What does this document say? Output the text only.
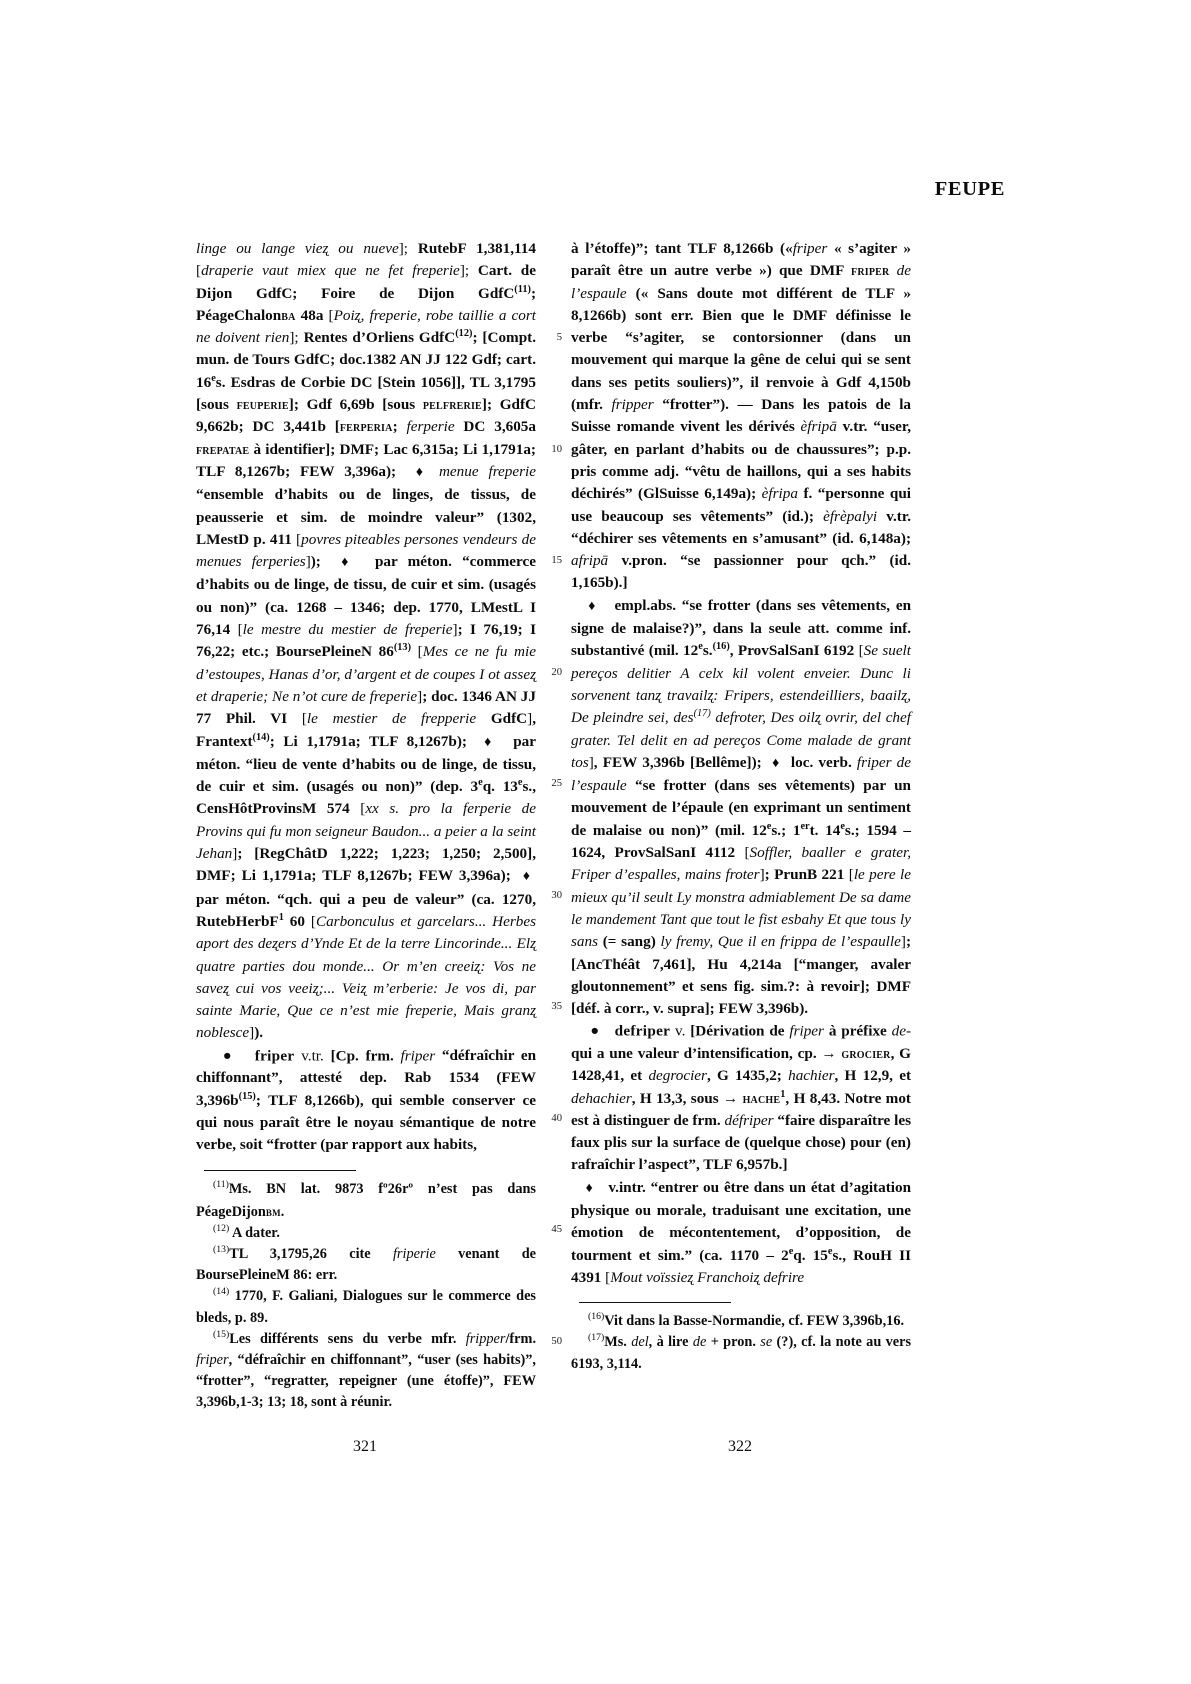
FEUPE
5
10
15
20
25
30
35
40
45
50

linge ou lange vieʐ ou nueve]; RutebF 1,381,114 [draperie vaut miex que ne fet freperie]; Cart. de Dijon GdfC; Foire de Dijon GdfC$^{(11)}$; PéageChalonba 48a [Poiʐ, freperie, robe taillie a cort ne doivent rien]; Rentes d’Orliens GdfC$^{(12)}$; [Compt. mun. de Tours GdfC; doc.1382 AN JJ 122 Gdf; cart. 16es. Esdras de Corbie DC [Stein 1056]], TL 3,1795 [sous feuperie]; Gdf 6,69b [sous pelfrerie]; GdfC 9,662b; DC 3,441b [ferperia; ferperie DC 3,605a frepatae à identifier]; DMF; Lac 6,315a; Li 1,1791a; TLF 8,1267b; FEW 3,396a); ♦ menue freperie “ensemble d’habits ou de linges, de tissus, de peausserie et sim. de moindre valeur” (1302, LMestD p. 411 [povres piteables persones vendeurs de menues ferperies]); ♦ par méton. “commerce d’habits ou de linge, de tissu, de cuir et sim. (usagés ou non)” (ca. 1268 – 1346; dep. 1770, LMestL I 76,14 [le mestre du mestier de freperie]; I 76,19; I 76,22; etc.; BoursePleineN 86$^{(13)}$ [Mes ce ne fu mie d’estoupes, Hanas d’or, d’argent et de coupes I ot asseʐ et draperie; Ne n’ot cure de freperie]; doc. 1346 AN JJ 77 Phil. VI [le mestier de frepperie GdfC], Frantext$^{(14)}$; Li 1,1791a; TLF 8,1267b); ♦ par méton. “lieu de vente d’habits ou de linge, de tissu, de cuir et sim. (usagés ou non)” (dep. 3eq. 13es., CensHôtProvinsM 574 [xx s. pro la ferperie de Provins qui fu mon seigneur Baudon... a peier a la seint Jehan]; [RegChâtD 1,222; 1,223; 1,250; 2,500], DMF; Li 1,1791a; TLF 8,1267b; FEW 3,396a); ♦  par méton. “qch. qui a peu de valeur” (ca. 1270, RutebHerbF$^1$ 60 [Carbonculus et garcelars... Herbes aport des deʐers d’Ynde Et de la terre Lincorinde... Elʐ quatre parties dou monde... Or m’en creeiʐ: Vos ne saveʐ cui vos veeiʐ;... Veiʐ m’erberie: Je vos di, par sainte Marie, Que ce n’est mie freperie, Mais granʐ noblesce]).

● friper v.tr. [Cp. frm. friper “défraîchir en chiffonnant”, attesté dep. Rab 1534 (FEW $3,396b^{(15)}$; TLF 8,1266b), qui semble conserver ce qui nous paraît être le noyau sémantique de notre verbe, soit “frotter (par rapport aux habits,

$^{(11)}$Ms. BN lat. 9873 fº26rº n’est pas dans PéageDijonbm.

$^{(12)}$ A dater.

$^{(13)}$TL 3,1795,26 cite friperie venant de BoursePleineM 86: err.

$^{(14)}$ 1770, F. Galiani, Dialogues sur le commerce des bleds, p. 89.

$^{(15)}$Les différents sens du verbe mfr. fripper/frm. friper, “défraîchir en chiffonnant”, “user (ses habits)”, “frotter”, “regratter, repeigner (une étoffe)”, FEW 3,396b,1-3; 13; 18, sont à réunir.

à l’étoffe)”; tant TLF 8,1266b («friper « s’agiter » paraît être un autre verbe ») que DMF friper de l’espaule (« Sans doute mot différent de TLF » 8,1266b) sont err. Bien que le DMF définisse le verbe “s’agiter, se contorsionner (dans un mouvement qui marque la gêne de celui qui se sent dans ses petits souliers)”, il renvoie à Gdf 4,150b (mfr. fripper “frotter”). — Dans les patois de la Suisse romande vivent les dérivés èfripā v.tr. “user, gâter, en parlant d’habits ou de chaussures”; p.p. pris comme adj. “vêtu de haillons, qui a ses habits déchirés” (GlSuisse 6,149a); èfripa f. “personne qui use beaucoup ses vêtements” (id.); èfrèpalyi v.tr. “déchirer ses vêtements en s’amusant” (id. 6,148a); afripā v.pron. “se passionner pour qch.” (id. 1,165b).]

♦ empl.abs. “se frotter (dans ses vêtements, en signe de malaise?)”, dans la seule att. comme inf. substantivé (mil. 12es.$^{(16)}$, ProvSalSanI 6192 [Se suelt pereços delitier A celx kil volent enveier. Dunc li sorvenent tanʐ travailʐ: Fripers, estendeilliers, baailʐ, De pleindre sei, des$^{(17)}$ defroter, Des oilʐ ovrir, del chef grater. Tel delit en ad pereços Come malade de grant tos], FEW 3,396b [Bellême]); ♦ loc. verb. friper de l’espaule “se frotter (dans ses vêtements) par un mouvement de l’épaule (en exprimant un sentiment de malaise ou non)” (mil. 12es.; 1ert. 14es.; 1594 – 1624, ProvSalSanI 4112 [Soffler, baaller e grater, Friper d’espalles, mains froter]; PrunB 221 [le pere le mieux qu’il seult Ly monstra admiablement De sa dame le mandement Tant que tout le fist esbahy Et que tous ly sans (= sang) ly fremy, Que il en frippa de l’espaulle]; [AncThéât 7,461], Hu 4,214a [“manger, avaler gloutonnement” et sens fig. sim.?: à revoir]; DMF [déf. à corr., v. supra]; FEW 3,396b).

● defriper v. [Dérivation de friper à préfixe de- qui a une valeur d’intensification, cp. → grocier, G 1428,41, et degrocier, G 1435,2; hachier, H 12,9, et dehachier, H 13,3, sous → hache$^1$, H 8,43. Notre mot est à distinguer de frm. défriper “faire disparaître les faux plis sur la surface de (quelque chose) pour (en) rafraîchir l’aspect”, TLF 6,957b.]

♦ v.intr. “entrer ou être dans un état d’agitation physique ou morale, traduisant une excitation, une émotion de mécontentement, d’opposition, de tourment et sim.” (ca. 1170 – 2eq. 15es., RouH II 4391 [Mout voïssieʐ Franchoiʐ defrire

$^{(16)}$Vit dans la Basse-Normandie, cf. FEW 3,396b,16.

$^{(17)}$Ms. del, à lire de + pron. se (?), cf. la note au vers 6193, 3,114.

321	322
